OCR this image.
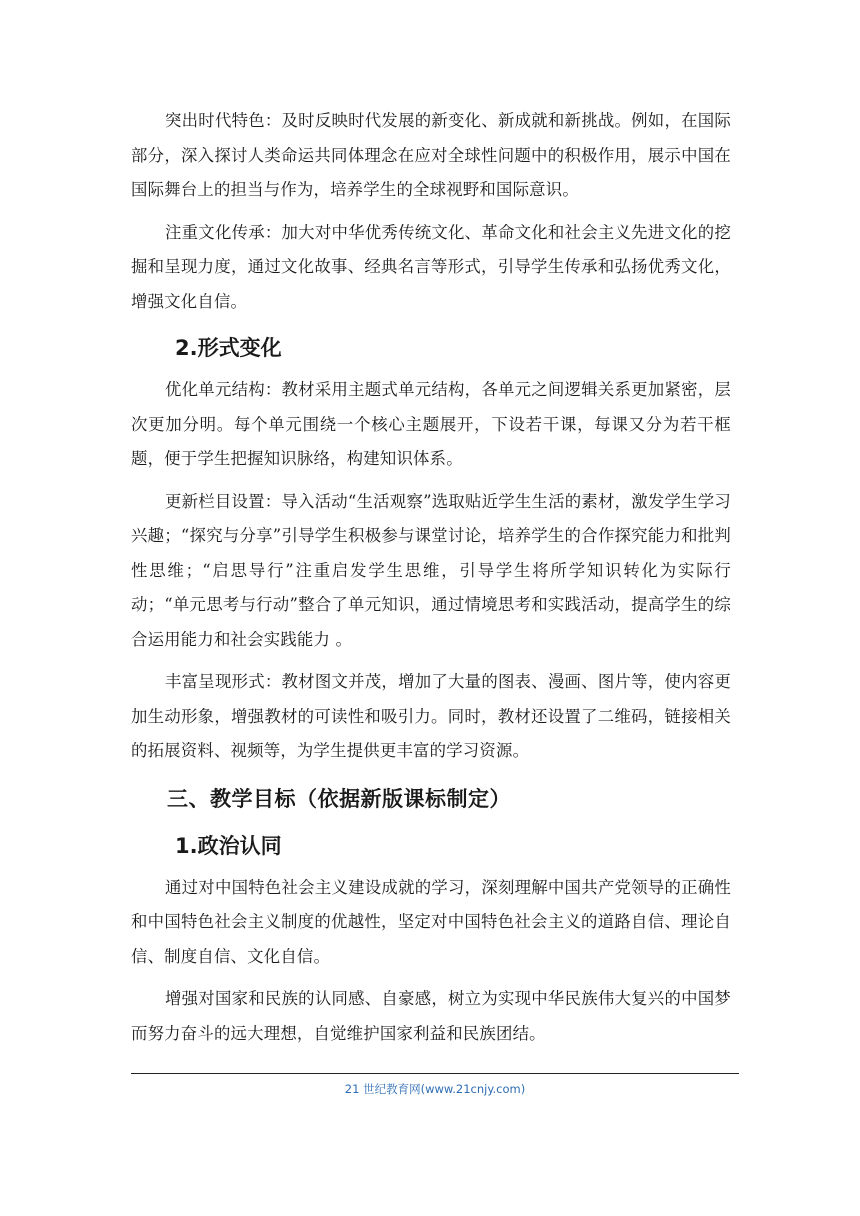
突出时代特色：及时反映时代发展的新变化、新成就和新挑战。例如，在国际部分，深入探讨人类命运共同体理念在应对全球性问题中的积极作用，展示中国在国际舞台上的担当与作为，培养学生的全球视野和国际意识。

注重文化传承：加大对中华优秀传统文化、革命文化和社会主义先进文化的挖掘和呈现力度，通过文化故事、经典名言等形式，引导学生传承和弘扬优秀文化，增强文化自信。

2.形式变化

优化单元结构：教材采用主题式单元结构，各单元之间逻辑关系更加紧密，层次更加分明。每个单元围绕一个核心主题展开，下设若干课，每课又分为若干框题，便于学生把握知识脉络，构建知识体系。

更新栏目设置：导入活动“生活观察”选取贴近学生生活的素材，激发学生学习兴趣；“探究与分享”引导学生积极参与课堂讨论，培养学生的合作探究能力和批判性思维；“启思导行”注重启发学生思维，引导学生将所学知识转化为实际行动；“单元思考与行动”整合了单元知识，通过情境思考和实践活动，提高学生的综合运用能力和社会实践能力 。

丰富呈现形式：教材图文并茂，增加了大量的图表、漫画、图片等，使内容更加生动形象，增强教材的可读性和吸引力。同时，教材还设置了二维码，链接相关的拓展资料、视频等，为学生提供更丰富的学习资源。

三、教学目标（依据新版课标制定）
1.政治认同

通过对中国特色社会主义建设成就的学习，深刻理解中国共产党领导的正确性和中国特色社会主义制度的优越性，坚定对中国特色社会主义的道路自信、理论自信、制度自信、文化自信。

增强对国家和民族的认同感、自豪感，树立为实现中华民族伟大复兴的中国梦而努力奋斗的远大理想，自觉维护国家利益和民族团结。

21 世纪教育网(www.21cnjy.com)
